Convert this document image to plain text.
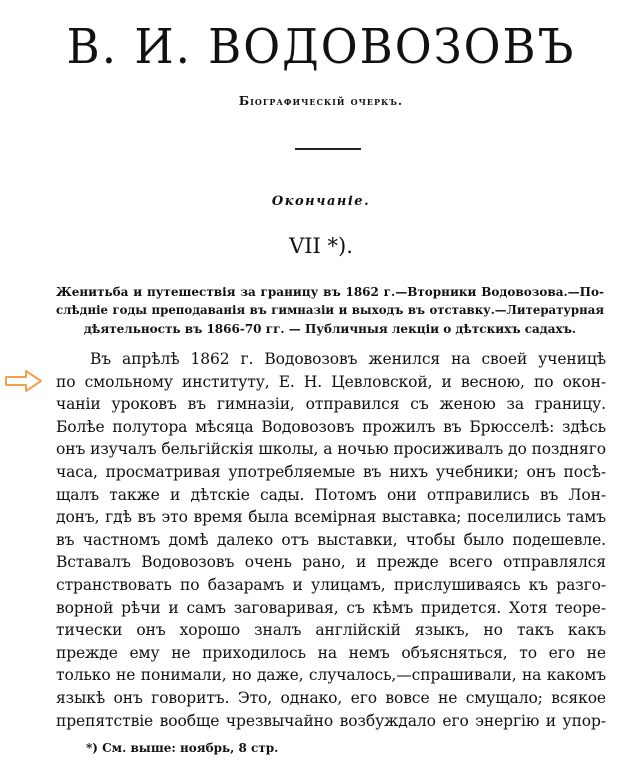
В. И. ВОДОВОЗОВЪ
Біографическій очеркъ.
Окончаніе.
VII *).
Женитьба и путешествія за границу въ 1862 г.—Вторники Водовозова.—По-
слѣдніе годы преподаванія въ гимназіи и выходъ въ отставку.—Литературная
дѣятельность въ 1866-70 гг. — Публичныя лекціи о дѣтскихъ садахъ.
Въ апрѣлѣ 1862 г. Водовозовъ женился на своей ученицѣ
по смольному институту, Е. Н. Цевловской, и весною, по окон-
чаніи уроковъ въ гимназіи, отправился съ женою за границу.
Болѣе полутора мѣсяца Водовозовъ прожилъ въ Брюсселѣ: здѣсь
онъ изучалъ бельгійскія школы, а ночью просиживалъ до поздняго
часа, просматривая употребляемые въ нихъ учебники; онъ посѣ-
щалъ также и дѣтскіе сады. Потомъ они отправились въ Лон-
донъ, гдѣ въ это время была всемірная выставка; поселились тамъ
въ частномъ домѣ далеко отъ выставки, чтобы было подешевле.
Вставалъ Водовозовъ очень рано, и прежде всего отправлялся
странствовать по базарамъ и улицамъ, прислушиваясь къ разго-
ворной рѣчи и самъ заговаривая, съ кѣмъ придется. Хотя теоре-
тически онъ хорошо зналъ англійскій языкъ, но такъ какъ
прежде ему не приходилось на немъ объясняться, то его не
только не понимали, но даже, случалось,—спрашивали, на какомъ
языкѣ онъ говоритъ. Это, однако, его вовсе не смущало; всякое
препятствіе вообще чрезвычайно возбуждало его энергію и упор-
*) См. выше: ноябрь, 8 стр.
